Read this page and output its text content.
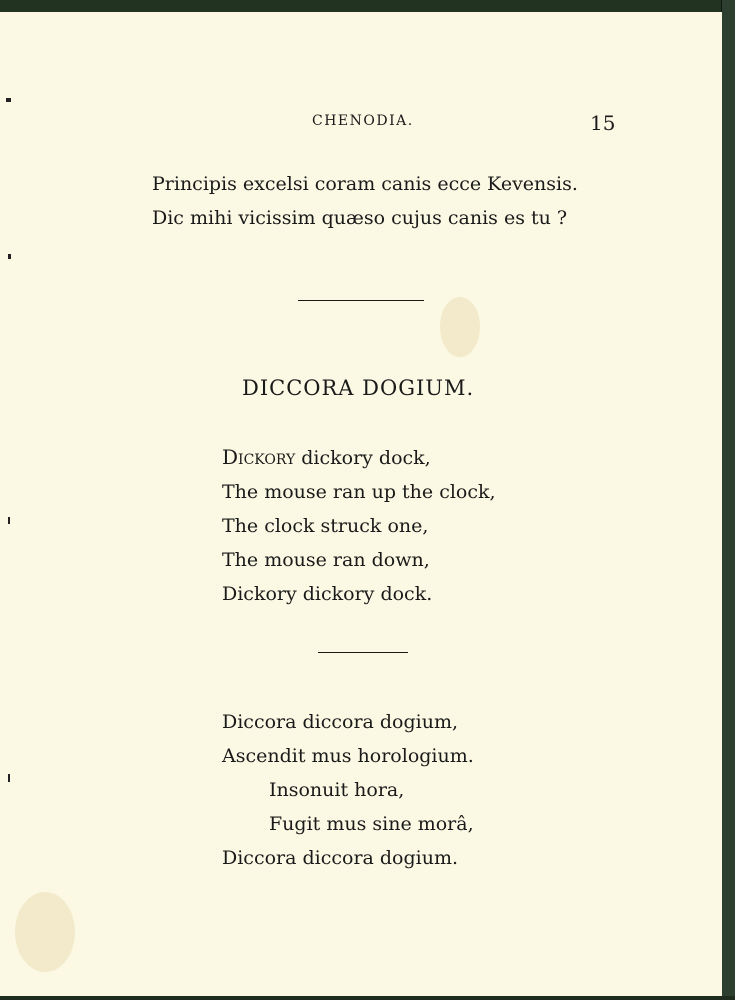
CHENODIA.	15
Principis excelsi coram canis ecce Kevensis.
Dic mihi vicissim quæso cujus canis es tu ?
DICCORA DOGIUM.
Dickory dickory dock,
The mouse ran up the clock,
The clock struck one,
The mouse ran down,
Dickory dickory dock.
Diccora diccora dogium,
Ascendit mus horologium.
Insonuit hora,
Fugit mus sine morâ,
Diccora diccora dogium.
